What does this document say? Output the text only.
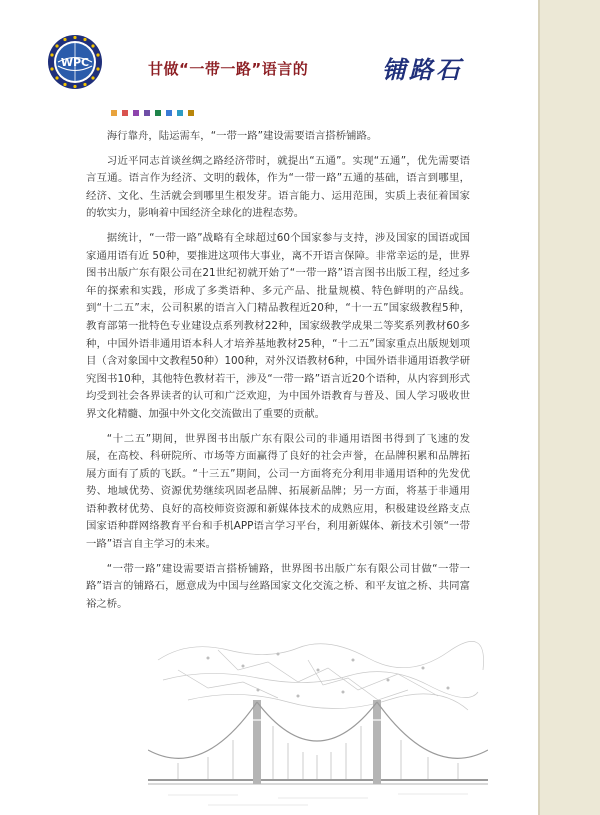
WPC	甘做“一带一路”语言的	铺路石

海行靠舟，陆运需车，“一带一路”建设需要语言搭桥铺路。

习近平同志首谈丝绸之路经济带时，就提出“五通”。实现“五通”，优先需要语言互通。语言作为经济、文明的载体，作为“一带一路”五通的基础，语言到哪里，经济、文化、生活就会到哪里生根发芽。语言能力、运用范围，实质上表征着国家的软实力，影响着中国经济全球化的进程态势。

据统计，“一带一路”战略有全球超过60个国家参与支持，涉及国家的国语或国家通用语有近 50种，要推进这项伟大事业，离不开语言保障。非常幸运的是，世界图书出版广东有限公司在21世纪初就开始了“一带一路”语言图书出版工程，经过多年的探索和实践，形成了多类语种、多元产品、批量规模、特色鲜明的产品线。到“十二五”末，公司积累的语言入门精品教程近20种，“十一五”国家级教程5种，教育部第一批特色专业建设点系列教材22种，国家级教学成果二等奖系列教材60多种，中国外语非通用语本科人才培养基地教材25种，“十二五”国家重点出版规划项目（含对象国中文教程50种）100种，对外汉语教材6种，中国外语非通用语教学研究图书10种，其他特色教材若干，涉及“一带一路”语言近20个语种，从内容到形式均受到社会各界读者的认可和广泛欢迎，为中国外语教育与普及、国人学习吸收世界文化精髓、加强中外文化交流做出了重要的贡献。

“十二五”期间，世界图书出版广东有限公司的非通用语图书得到了飞速的发展，在高校、科研院所、市场等方面赢得了良好的社会声誉，在品牌积累和品牌拓展方面有了质的飞跃。“十三五”期间，公司一方面将充分利用非通用语种的先发优势、地域优势、资源优势继续巩固老品牌、拓展新品牌；另一方面，将基于非通用语种教材优势、良好的高校师资资源和新媒体技术的成熟应用，积极建设丝路支点国家语种群网络教育平台和手机APP语言学习平台，利用新媒体、新技术引领“一带一路”语言自主学习的未来。

“一带一路”建设需要语言搭桥铺路，世界图书出版广东有限公司甘做“一带一路”语言的铺路石，愿意成为中国与丝路国家文化交流之桥、和平友谊之桥、共同富裕之桥。
